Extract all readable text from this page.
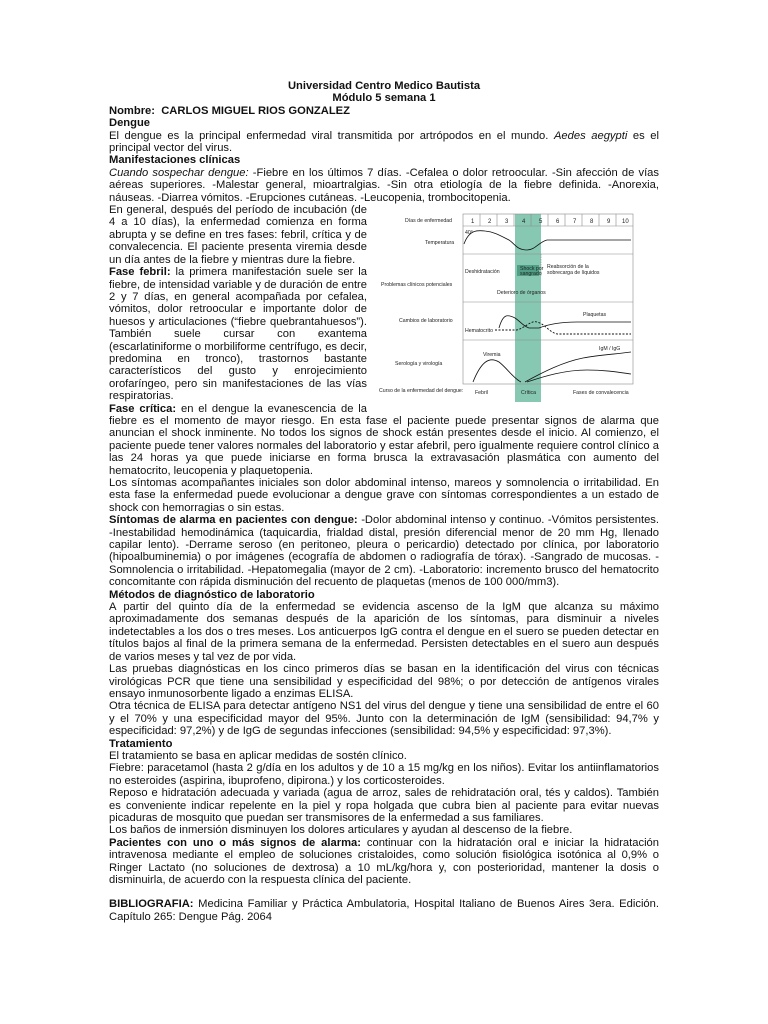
Universidad Centro Medico Bautista

Módulo 5 semana 1

Nombre: CARLOS MIGUEL RIOS GONZALEZ

Dengue

El dengue es la principal enfermedad viral transmitida por artrópodos en el mundo. Aedes aegypti es el principal vector del virus.

Manifestaciones clínicas

Cuando sospechar dengue: -Fiebre en los últimos 7 días. -Cefalea o dolor retroocular. -Sin afección de vías aéreas superiores. -Malestar general, mioartralgias. -Sin otra etiología de la fiebre definida. -Anorexia, náuseas. -Diarrea vómitos. -Erupciones cutáneas. -Leucopenia, trombocitopenia.

1 2 3 4 5 6 7 8 9 10
Días de enfermedad
Temperatura
Problemas clínicos potenciales
Cambios de laboratorio
Serología y virología
Curso de la enfermedad del dengue:
40°
Deshidratación	Shock por
sangrado
Reabsorción de la
sobrecarga de líquidos
Deterioro de órganos
Plaquetas
Hematocrito
Viremia
IgM / IgG
Febril	Crítica	Fases de convalecencia

En general, después del período de incubación (de 4 a 10 días), la enfermedad comienza en forma abrupta y se define en tres fases: febril, crítica y de convalecencia. El paciente presenta viremia desde un día antes de la fiebre y mientras dure la fiebre.

Fase febril: la primera manifestación suele ser la fiebre, de intensidad variable y de duración de entre 2 y 7 días, en general acompañada por cefalea, vómitos, dolor retroocular e importante dolor de huesos y articulaciones (“fiebre quebrantahuesos”). También suele cursar con exantema (escarlatiniforme o morbiliforme centrífugo, es decir, predomina en tronco), trastornos bastante característicos del gusto y enrojecimiento orofaríngeo, pero sin manifestaciones de las vías respiratorias.

Fase crítica: en el dengue la evanescencia de la fiebre es el momento de mayor riesgo. En esta fase el paciente puede presentar signos de alarma que anuncian el shock inminente. No todos los signos de shock están presentes desde el inicio. Al comienzo, el paciente puede tener valores normales del laboratorio y estar afebril, pero igualmente requiere control clínico a las 24 horas ya que puede iniciarse en forma brusca la extravasación plasmática con aumento del hematocrito, leucopenia y plaquetopenia.

Los síntomas acompañantes iniciales son dolor abdominal intenso, mareos y somnolencia o irritabilidad. En esta fase la enfermedad puede evolucionar a dengue grave con síntomas correspondientes a un estado de shock con hemorragias o sin estas.

Síntomas de alarma en pacientes con dengue: -Dolor abdominal intenso y continuo. -Vómitos persistentes. -Inestabilidad hemodinámica (taquicardia, frialdad distal, presión diferencial menor de 20 mm Hg, llenado capilar lento). -Derrame seroso (en peritoneo, pleura o pericardio) detectado por clínica, por laboratorio (hipoalbuminemia) o por imágenes (ecografía de abdomen o radiografía de tórax). -Sangrado de mucosas. -Somnolencia o irritabilidad. -Hepatomegalia (mayor de 2 cm). -Laboratorio: incremento brusco del hematocrito concomitante con rápida disminución del recuento de plaquetas (menos de 100 000/mm3).

Métodos de diagnóstico de laboratorio

A partir del quinto día de la enfermedad se evidencia ascenso de la IgM que alcanza su máximo aproximadamente dos semanas después de la aparición de los síntomas, para disminuir a niveles indetectables a los dos o tres meses. Los anticuerpos IgG contra el dengue en el suero se pueden detectar en títulos bajos al final de la primera semana de la enfermedad. Persisten detectables en el suero aun después de varios meses y tal vez de por vida.

Las pruebas diagnósticas en los cinco primeros días se basan en la identificación del virus con técnicas virológicas PCR que tiene una sensibilidad y especificidad del 98%; o por detección de antígenos virales ensayo inmunosorbente ligado a enzimas ELISA.

Otra técnica de ELISA para detectar antígeno NS1 del virus del dengue y tiene una sensibilidad de entre el 60 y el 70% y una especificidad mayor del 95%. Junto con la determinación de IgM (sensibilidad: 94,7% y especificidad: 97,2%) y de IgG de segundas infecciones (sensibilidad: 94,5% y especificidad: 97,3%).

Tratamiento

El tratamiento se basa en aplicar medidas de sostén clínico.

Fiebre: paracetamol (hasta 2 g/día en los adultos y de 10 a 15 mg/kg en los niños). Evitar los antiinflamatorios no esteroides (aspirina, ibuprofeno, dipirona.) y los corticosteroides.

Reposo e hidratación adecuada y variada (agua de arroz, sales de rehidratación oral, tés y caldos). También es conveniente indicar repelente en la piel y ropa holgada que cubra bien al paciente para evitar nuevas picaduras de mosquito que puedan ser transmisores de la enfermedad a sus familiares.

Los baños de inmersión disminuyen los dolores articulares y ayudan al descenso de la fiebre.

Pacientes con uno o más signos de alarma: continuar con la hidratación oral e iniciar la hidratación intravenosa mediante el empleo de soluciones cristaloides, como solución fisiológica isotónica al 0,9% o Ringer Lactato (no soluciones de dextrosa) a 10 mL/kg/hora y, con posterioridad, mantener la dosis o disminuirla, de acuerdo con la respuesta clínica del paciente.

BIBLIOGRAFIA: Medicina Familiar y Práctica Ambulatoria, Hospital Italiano de Buenos Aires 3era. Edición. Capítulo 265: Dengue Pág. 2064
